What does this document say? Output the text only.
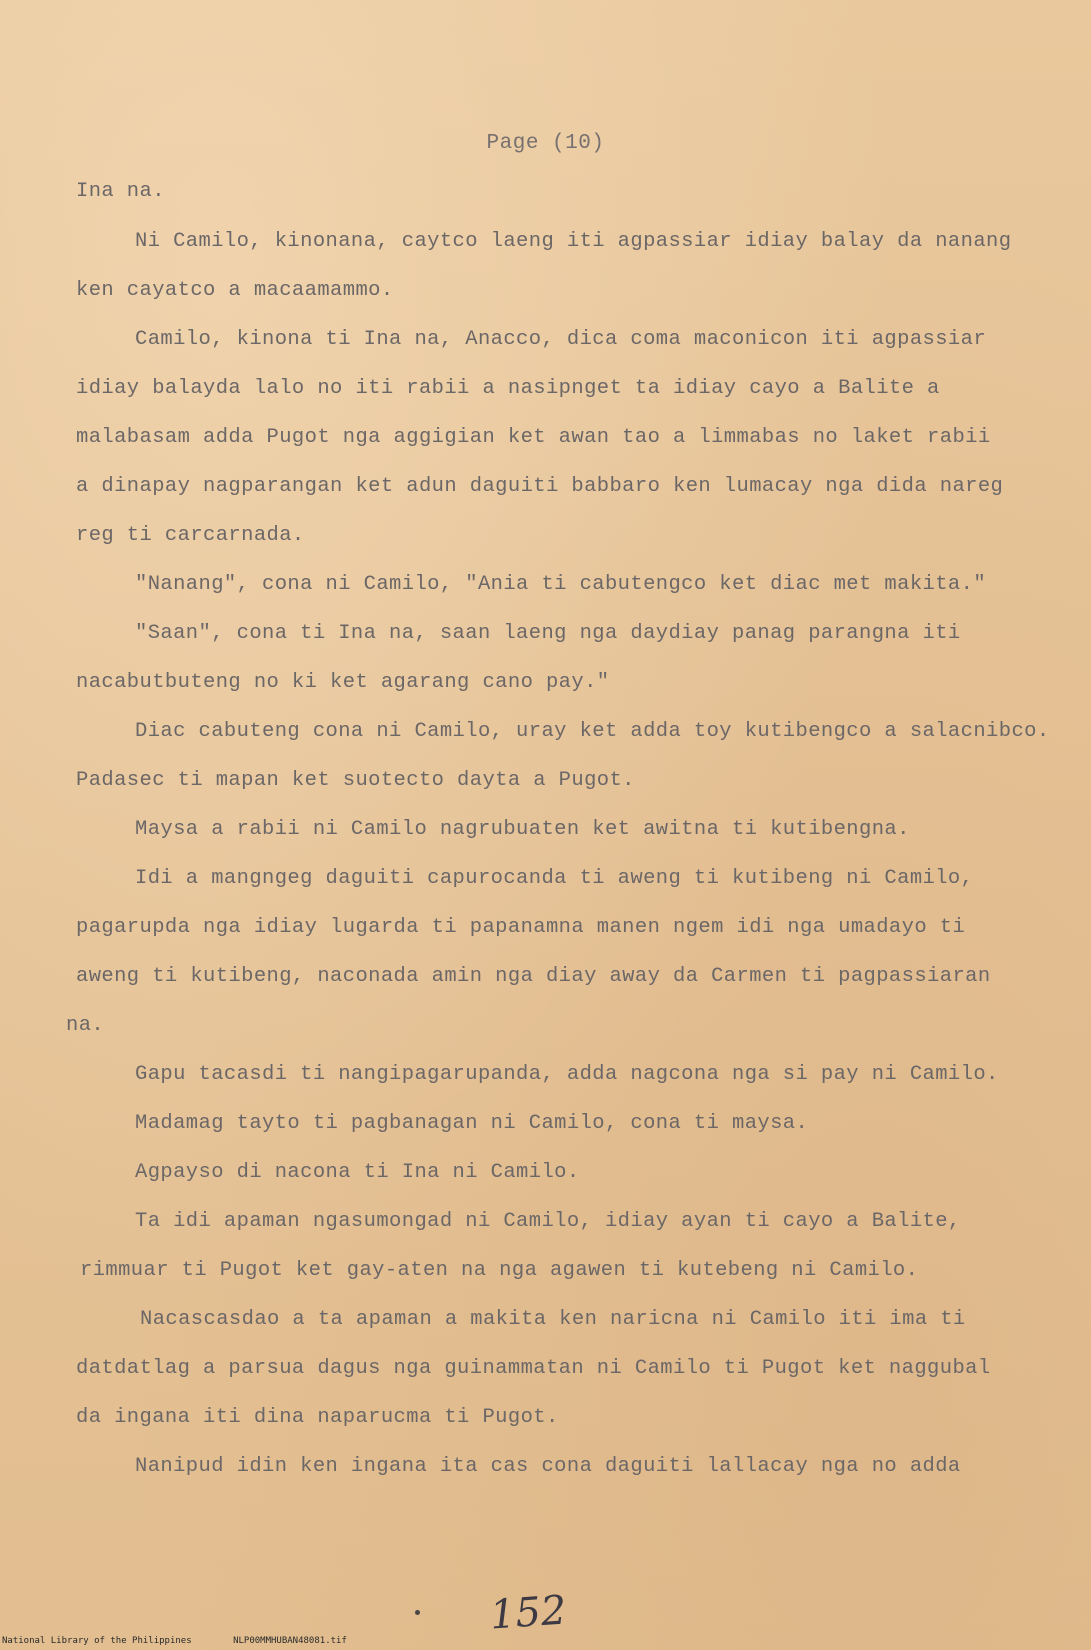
Page (10)
Ina na.
Ni Camilo, kinonana, caytco laeng iti agpassiar idiay balay da nanang
ken cayatco a macaamammo.
Camilo, kinona ti Ina na, Anacco, dica coma maconicon iti agpassiar
idiay balayda lalo no iti rabii a nasipnget ta idiay cayo a Balite a
malabasam adda Pugot nga aggigian ket awan tao a limmabas no laket rabii
a dinapay nagparangan ket adun daguiti babbaro ken lumacay nga dida nareg
reg ti carcarnada.
"Nanang", cona ni Camilo, "Ania ti cabutengco ket diac met makita."
"Saan", cona ti Ina na, saan laeng nga daydiay panag parangna iti
nacabutbuteng no ki ket agarang cano pay."
Diac cabuteng cona ni Camilo, uray ket adda toy kutibengco a salacnibco.
Padasec ti mapan ket suotecto dayta a Pugot.
Maysa a rabii ni Camilo nagrubuaten ket awitna ti kutibengna.
Idi a mangngeg daguiti capurocanda ti aweng ti kutibeng ni Camilo,
pagarupda nga idiay lugarda ti papanamna manen ngem idi nga umadayo ti
aweng ti kutibeng, naconada amin nga diay away da Carmen ti pagpassiaran
na.
Gapu tacasdi ti nangipagarupanda, adda nagcona nga si pay ni Camilo.
Madamag tayto ti pagbanagan ni Camilo, cona ti maysa.
Agpayso di nacona ti Ina ni Camilo.
Ta idi apaman ngasumongad ni Camilo, idiay ayan ti cayo a Balite,
rimmuar ti Pugot ket gay-aten na nga agawen ti kutebeng ni Camilo.
Nacascasdao a ta apaman a makita ken naricna ni Camilo iti ima ti
datdatlag a parsua dagus nga guinammatan ni Camilo ti Pugot ket naggubal
da ingana iti dina naparucma ti Pugot.
Nanipud idin ken ingana ita cas cona daguiti lallacay nga no adda
152
National Library of the Philippines	NLP00MMHUBAN48081.tif
